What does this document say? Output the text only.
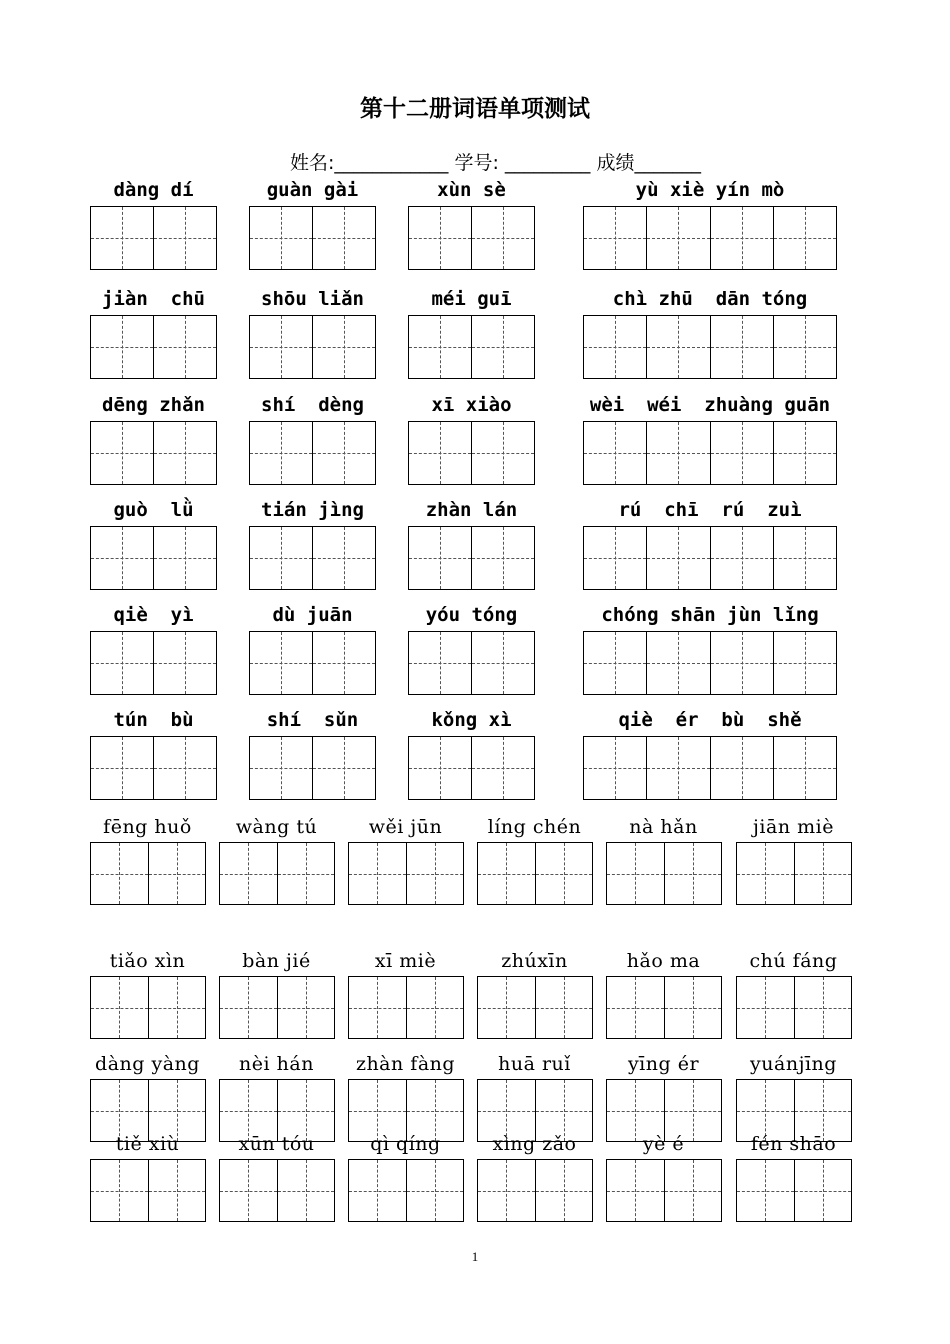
第十二册词语单项测试
姓名:____________ 学号: _________ 成绩_______
dàng dí	guàn gài	xùn sè	yù xiè yín mò
jiàn  chū	shōu liǎn	méi guī	chì zhū  dān tóng
dēng zhǎn	shí  dèng	xī xiào	wèi  wéi  zhuàng guān
guò  lǜ	tián jìng	zhàn lán	rú  chī  rú  zuì
qiè  yì	dù juān	yóu tóng	chóng shān jùn lǐng
tún  bù	shí  sǔn	kǒng xì	qiè  ér  bù  shě
fēng huǒ	wàng tú	wěi jūn	líng chén	nà hǎn	jiān miè
tiǎo xìn	bàn jié	xī miè	zhúxīn	hǎo ma	chú fáng
dàng yàng	nèi hán	zhàn fàng	huā ruǐ	yīng ér	yuánjīng
tiě xiù	xūn tóu	qì qíng	xìng zǎo	yè é	fén shāo
1
